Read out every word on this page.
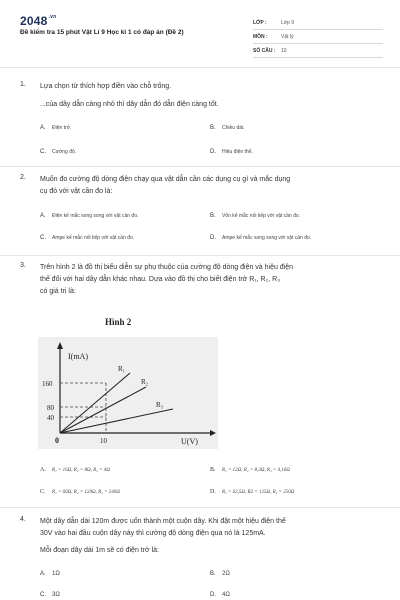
$2048^{.vn}$
Đề kiểm tra 15 phút Vật Lí 9 Học kì 1 có đáp án (Đề 2)
LỚP :	Lớp 9
MÔN :	Vật lý
SỐ CÂU :	10
1. Lựa chọn từ thích hợp điền vào chỗ trống.
...của dây dẫn càng nhỏ thì dây dẫn đó dẫn điện càng tốt.
A. Điện trở.	B. Chiều dài.
C. Cường độ.	D. Hiệu điện thế.
2. Muốn đo cường độ dòng điện chạy qua vật dẫn cần các dụng cụ gì và mắc dụng
cụ đó với vật cần đo là:
A. Điện kế mắc song song với vật cần đo.	B. Vôn kế mắc nối tiếp với vật cần đo.
C. Ampe kế mắc nối tiếp với vật cần đo.	D. Ampe kế mắc song song với vật cần đo.
3. Trên hình 2 là đồ thị biểu diễn sự phụ thuộc của cường độ dòng điện và hiệu điện
thế đối với hai dây dẫn khác nhau. Dựa vào đồ thị cho biết điện trở R₁, R₂, R₃
có giá trị là:
Hình 2
I(mA)
U(V)
160
80
40
0	10
R₁
R₂
R₃
A. R₁ = 16Ω, R₂ = 8Ω, R₃ = 4Ω	B. R₁ = 12Ω, R₂ = 8,3Ω, R₃ = 4,16Ω
C. R₁ = 60Ω, R₂ = 120Ω, R₃ = 240Ω	D. R₁ = 62,5Ω, R2 = 125Ω, R₃ = 250Ω
4. Một dây dẫn dài 120m được uốn thành một cuộn dây. Khi đặt một hiệu điện thế
30V vào hai đầu cuộn dây này thì cường độ dòng điện qua nó là 125mA.
Mỗi đoạn dây dài 1m sẽ có điện trở là:
A. 1Ω	B. 2Ω
C. 3Ω	D. 4Ω
